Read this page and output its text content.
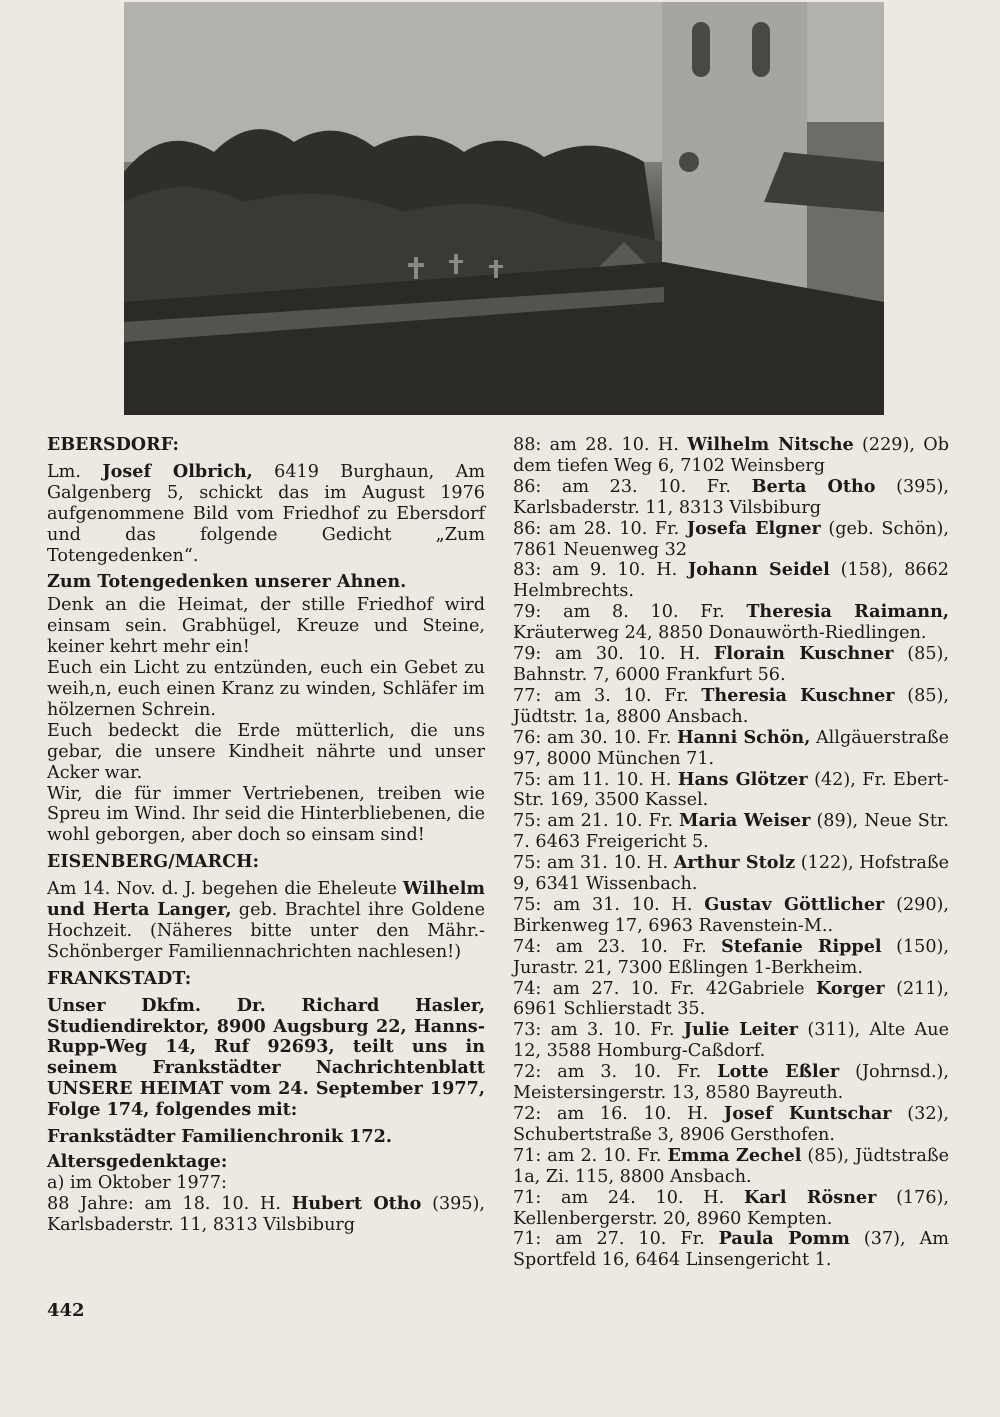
EBERSDORF:

Lm. Josef Olbrich, 6419 Burghaun, Am Galgenberg 5, schickt das im August 1976 aufgenommene Bild vom Friedhof zu Ebersdorf und das folgende Gedicht „Zum Totengedenken“.

Zum Totengedenken unserer Ahnen.

Denk an die Heimat, der stille Friedhof wird einsam sein. Grabhügel, Kreuze und Steine, keiner kehrt mehr ein!

Euch ein Licht zu entzünden, euch ein Gebet zu weih,n, euch einen Kranz zu winden, Schläfer im hölzernen Schrein.

Euch bedeckt die Erde mütterlich, die uns gebar, die unsere Kindheit nährte und unser Acker war.

Wir, die für immer Vertriebenen, treiben wie Spreu im Wind. Ihr seid die Hinterbliebenen, die wohl geborgen, aber doch so einsam sind!

EISENBERG/MARCH:

Am 14. Nov. d. J. begehen die Eheleute Wilhelm und Herta Langer, geb. Brachtel ihre Goldene Hochzeit. (Näheres bitte unter den Mähr.-Schönberger Familiennachrichten nachlesen!)

FRANKSTADT:

Unser Dkfm. Dr. Richard Hasler, Studiendirektor, 8900 Augsburg 22, Hanns-Rupp-Weg 14, Ruf 92693, teilt uns in seinem Frankstädter Nachrichtenblatt UNSERE HEIMAT vom 24. September 1977, Folge 174, folgendes mit:

Frankstädter Familienchronik 172.
Altersgedenktage:

a) im Oktober 1977:

88 Jahre: am 18. 10. H. Hubert Otho (395), Karlsbaderstr. 11, 8313 Vilsbiburg

88: am 28. 10. H. Wilhelm Nitsche (229), Ob dem tiefen Weg 6, 7102 Weinsberg

86: am 23. 10. Fr. Berta Otho (395), Karlsbaderstr. 11, 8313 Vilsbiburg

86: am 28. 10. Fr. Josefa Elgner (geb. Schön), 7861 Neuenweg 32

83: am 9. 10. H. Johann Seidel (158), 8662 Helmbrechts.

79: am 8. 10. Fr. Theresia Raimann, Kräuterweg 24, 8850 Donauwörth-Riedlingen.

79: am 30. 10. H. Florain Kuschner (85), Bahnstr. 7, 6000 Frankfurt 56.

77: am 3. 10. Fr. Theresia Kuschner (85), Jüdtstr. 1a, 8800 Ansbach.

76: am 30. 10. Fr. Hanni Schön, Allgäuerstraße 97, 8000 München 71.

75: am 11. 10. H. Hans Glötzer (42), Fr. Ebert-Str. 169, 3500 Kassel.

75: am 21. 10. Fr. Maria Weiser (89), Neue Str. 7. 6463 Freigericht 5.

75: am 31. 10. H. Arthur Stolz (122), Hofstraße 9, 6341 Wissenbach.

75: am 31. 10. H. Gustav Göttlicher (290), Birkenweg 17, 6963 Ravenstein-M..

74: am 23. 10. Fr. Stefanie Rippel (150), Jurastr. 21, 7300 Eßlingen 1-Berkheim.

74: am 27. 10. Fr. 42Gabriele Korger (211), 6961 Schlierstadt 35.

73: am 3. 10. Fr. Julie Leiter (311), Alte Aue 12, 3588 Homburg-Caßdorf.

72: am 3. 10. Fr. Lotte Eßler (Johrnsd.), Meistersingerstr. 13, 8580 Bayreuth.

72: am 16. 10. H. Josef Kuntschar (32), Schubertstraße 3, 8906 Gersthofen.

71: am 2. 10. Fr. Emma Zechel (85), Jüdtstraße 1a, Zi. 115, 8800 Ansbach.

71: am 24. 10. H. Karl Rösner (176), Kellenbergerstr. 20, 8960 Kempten.

71: am 27. 10. Fr. Paula Pomm (37), Am Sportfeld 16, 6464 Linsengericht 1.

442
